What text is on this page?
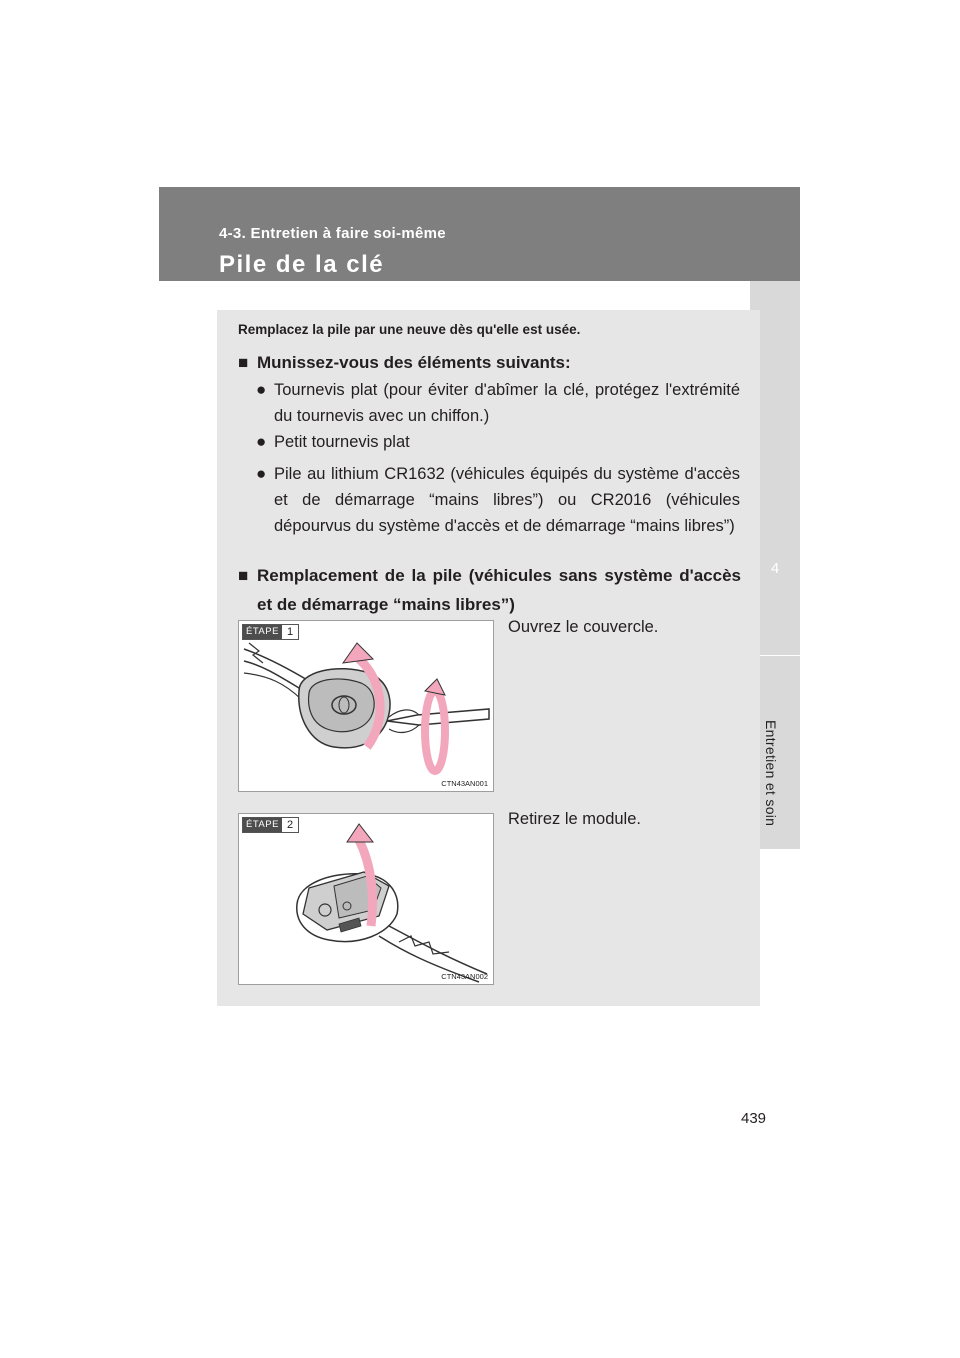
4-3. Entretien à faire soi-même
Pile de la clé
4
Entretien et soin
Remplacez la pile par une neuve dès qu'elle est usée.
■ Munissez-vous des éléments suivants:
● Tournevis plat (pour éviter d'abîmer la clé, protégez l'extrémité du tournevis avec un chiffon.)
● Petit tournevis plat
● Pile au lithium CR1632 (véhicules équipés du système d'accès et de démarrage “mains libres”) ou CR2016 (véhicules dépourvus du système d'accès et de démarrage “mains libres”)
■ Remplacement de la pile (véhicules sans système d'accès et de démarrage “mains libres”)
ÉTAPE 1
CTN43AN001
Ouvrez le couvercle.
ÉTAPE 2
CTN43AN002
Retirez le module.
439
